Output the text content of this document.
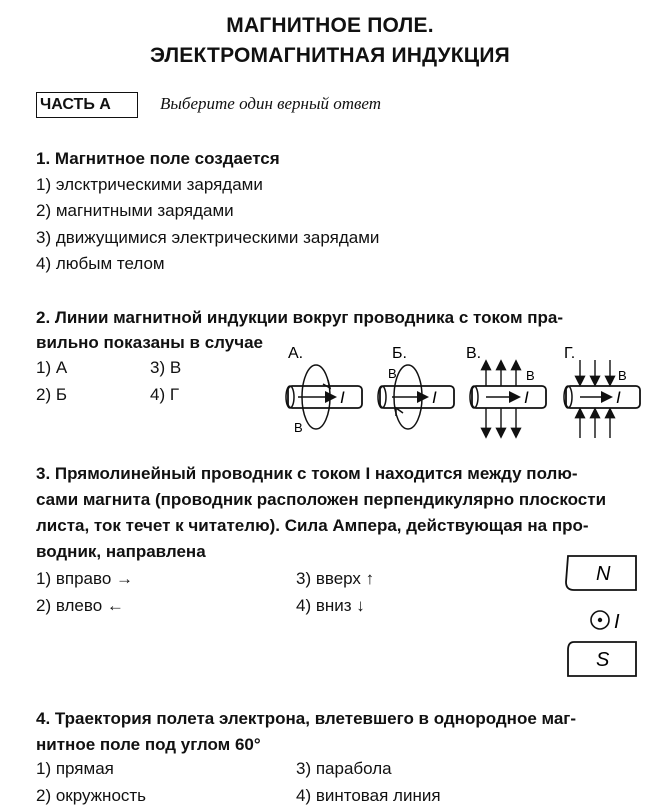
МАГНИТНОЕ ПОЛЕ.
ЭЛЕКТРОМАГНИТНАЯ ИНДУКЦИЯ
ЧАСТЬ А	Выберите один верный ответ
1. Магнитное поле создается
1) элсктрическими зарядами
2) магнитными зарядами
3) движущимися электрическими зарядами
4) любым телом
2. Линии магнитной индукции вокруг проводника с током пра-
вильно показаны в случае
1) А	3) В
2) Б	4) Г
А.
I
В
Б.
I
В
В.
I
В
Г.
I
В
3. Прямолинейный проводник с током I находится между полю-
сами магнита (проводник расположен перпендикулярно плоскости
листа, ток течет к читателю). Сила Ампера, действующая на про-
водник, направлена
1) вправо →	3) вверх ↑
2) влево ←	4) вниз ↓
N
I
S
4. Траектория полета электрона, влетевшего в однородное маг-
нитное поле под углом 60°
1) прямая	3) парабола
2) окружность	4) винтовая линия
